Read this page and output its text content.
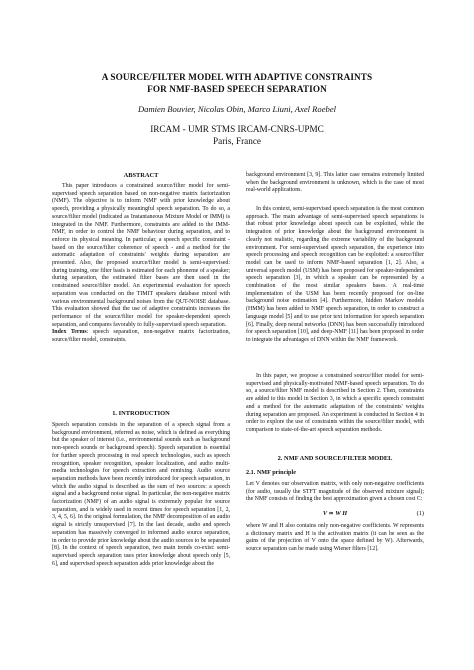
A SOURCE/FILTER MODEL WITH ADAPTIVE CONSTRAINTS
FOR NMF-BASED SPEECH SEPARATION
Damien Bouvier, Nicolas Obin, Marco Liuni, Axel Roebel
IRCAM - UMR STMS IRCAM-CNRS-UPMC
Paris, France
ABSTRACT

This paper introduces a constrained source/filter model for semi-supervised speech separation based on non-negative matrix factorization (NMF). The objective is to inform NMF with prior knowledge about speech, providing a physically meaningful speech separation. To do so, a source/filter model (indicated as Instantaneous Mixture Model or IMM) is integrated in the NMF. Furthermore, constraints are added to the IMM-NMF, in order to control the NMF behaviour during separation, and to enforce its physical meaning. In particular, a speech specific constraint - based on the source/filter coherence of speech - and a method for the automatic adaptation of constraints' weights during separation are presented. Also, the proposed source/filter model is semi-supervised: during training, one filter basis is estimated for each phoneme of a speaker; during separation, the estimated filter bases are then used in the constrained source/filter model. An experimental evaluation for speech separation was conducted on the TIMIT speakers database mixed with various environmental background noises from the QUT-NOISE database. This evaluation showed that the use of adaptive constraints increases the performance of the source/filter model for speaker-dependent speech separation, and compares favorably to fully-supervised speech separation.

Index Terms: speech separation, non-negative matrix factorization, source/filter model, constraints.

1. INTRODUCTION

Speech separation consists in the separation of a speech signal from a background environment, referred as noise, which is defined as everything but the speaker of interest (i.e., environmental sounds such as background non-speech sounds or background speech). Speech separation is essential for further speech processing in real speech technologies, such as speech recognition, speaker recognition, speaker localization, and audio multi-media technologies for speech extraction and remixing. Audio source separation methods have been recently introduced for speech separation, in which the audio signal is described as the sum of two sources: a speech signal and a background noise signal. In particular, the non-negative matrix factorization (NMF) of an audio signal is extremely popular for source separation, and is widely used in recent times for speech separation [1, 2, 3, 4, 5, 6]. In the original formulation, the NMF decomposition of an audio signal is strictly unsupervised [7]. In the last decade, audio and speech separation has massively converged to informed audio source separation, in order to provide prior knowledge about the audio sources to be separated [8]. In the context of speech separation, two main trends co-exist: semi-supervised speech separation uses prior knowledge about speech only [5, 6], and supervised speech separation adds prior knowledge about the

background environment [3, 9]. This latter case remains extremely limited when the background environment is unknown, which is the case of most real-world applications.

In this context, semi-supervised speech separation is the most common approach. The main advantage of semi-supervised speech separations is that robust prior knowledge about speech can be exploited, while the integration of prior knowledge about the background environment is clearly not realistic, regarding the extreme variability of the background environment. For semi-supervised speech separation, the experience into speech processing and speech recognition can be exploited: a source/filter model can be used to inform NMF-based separation [1, 2]. Also, a universal speech model (USM) has been proposed for speaker-independent speech separation [3], in which a speaker can be represented by a combination of the most similar speakers bases. A real-time implementation of the USM has been recently proposed for on-line background noise estimation [4]. Furthermore, hidden Markov models (HMM) has been added to NMF speech separation, in order to construct a language model [5] and to use prior text information for speech separation [6]. Finally, deep neural networks (DNN) has been successfully introduced for speech separation [10], and deep-NMF [11] has been proposed in order to integrate the advantages of DNN within the NMF framework.

In this paper, we propose a constrained source/filter model for semi-supervised and physically-motivated NMF-based speech separation. To do so, a source/filter NMF model is described in Section 2. Then, constraints are added to this model in Section 3, in which a specific speech constraint and a method for the automatic adaptation of the constraints' weights during separation are proposed. An experiment is conducted in Section 4 in order to explore the use of constraints within the source/filter model, with comparison to state-of-the-art speech separation methods.

2. NMF AND SOURCE/FILTER MODEL
2.1. NMF principle

Let V denotes our observation matrix, with only non-negative coefficients (for audio, usually the STFT magnitude of the observed mixture signal); the NMF consists of finding the best approximation given a chosen cost C:

V ≃ W H	(1)

where W and H also contains only non-negative coefficients. W represents a dictionary matrix and H is the activation matrix (it can be seen as the gains of the projection of V onto the space defined by W). Afterwards, source separation can be made using Wiener filters [12].
